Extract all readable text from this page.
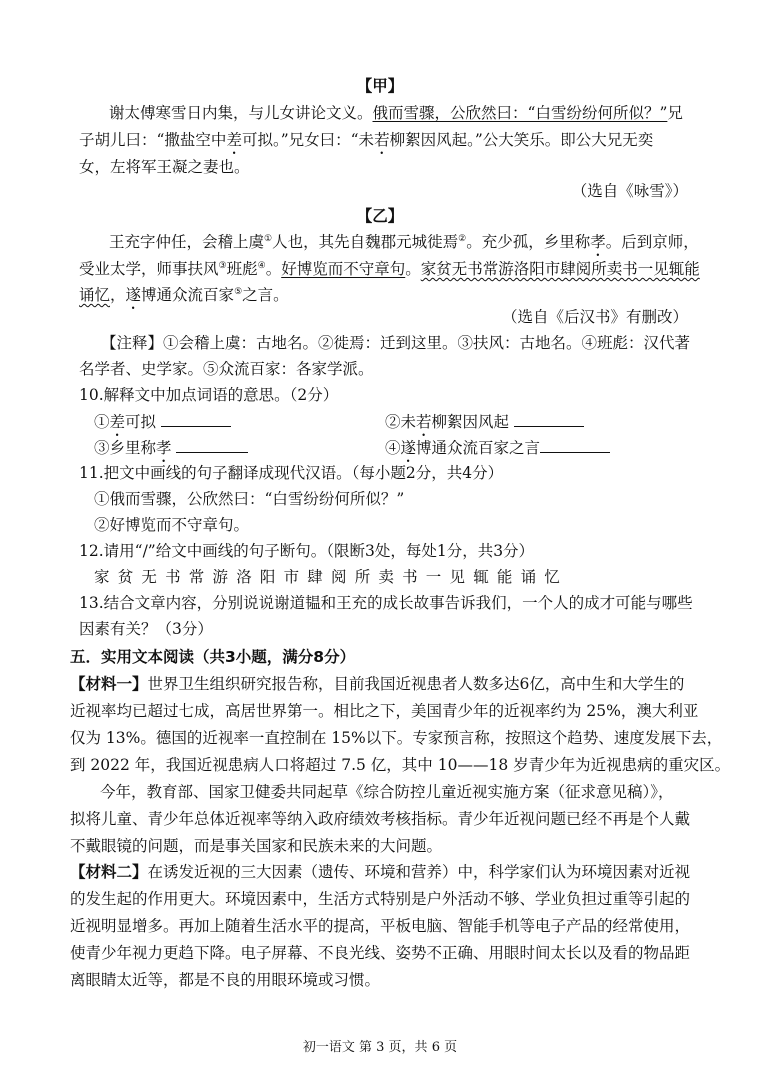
【甲】
谢太傅寒雪日内集，与儿女讲论文义。俄而雪骤，公欣然曰：“白雪纷纷何所似？”兄
子胡儿曰：“撒盐空中差可拟。”兄女曰：“未若柳絮因风起。”公大笑乐。即公大兄无奕
女，左将军王凝之妻也。
（选自《咏雪》）
【乙】
王充字仲任，会稽上虞①人也，其先自魏郡元城徙焉②。充少孤，乡里称孝。后到京师，
受业太学，师事扶风③班彪④。好博览而不守章句。家贫无书常游洛阳市肆阅所卖书一见辄能
诵忆，遂博通众流百家⑤之言。
（选自《后汉书》有删改）
【注释】①会稽上虞：古地名。②徙焉：迁到这里。③扶风：古地名。④班彪：汉代著
名学者、史学家。⑤众流百家：各家学派。
10.解释文中加点词语的意思。（2分）
①差可拟	②未若柳絮因风起
③乡里称孝	④遂博通众流百家之言
11.把文中画线的句子翻译成现代汉语。（每小题2分，共4分）
①俄而雪骤，公欣然曰：“白雪纷纷何所似？”
②好博览而不守章句。
12.请用“/”给文中画线的句子断句。（限断3处，每处1分，共3分）
家贫无书常游洛阳市肆阅所卖书一见辄能诵忆
13.结合文章内容，分别说说谢道韫和王充的成长故事告诉我们，一个人的成才可能与哪些
因素有关？（3分）
五．实用文本阅读（共3小题，满分8分）
【材料一】世界卫生组织研究报告称，目前我国近视患者人数多达6亿，高中生和大学生的
近视率均已超过七成，高居世界第一。相比之下，美国青少年的近视率约为 25%，澳大利亚
仅为 13%。德国的近视率一直控制在 15%以下。专家预言称，按照这个趋势、速度发展下去，
到 2022 年，我国近视患病人口将超过 7.5 亿，其中 10——18 岁青少年为近视患病的重灾区。
今年，教育部、国家卫健委共同起草《综合防控儿童近视实施方案（征求意见稿）》，
拟将儿童、青少年总体近视率等纳入政府绩效考核指标。青少年近视问题已经不再是个人戴
不戴眼镜的问题，而是事关国家和民族未来的大问题。
【材料二】在诱发近视的三大因素（遗传、环境和营养）中，科学家们认为环境因素对近视
的发生起的作用更大。环境因素中，生活方式特别是户外活动不够、学业负担过重等引起的
近视明显增多。再加上随着生活水平的提高，平板电脑、智能手机等电子产品的经常使用，
使青少年视力更趋下降。电子屏幕、不良光线、姿势不正确、用眼时间太长以及看的物品距
离眼睛太近等，都是不良的用眼环境或习惯。
初一语文 第 3 页，共 6 页
